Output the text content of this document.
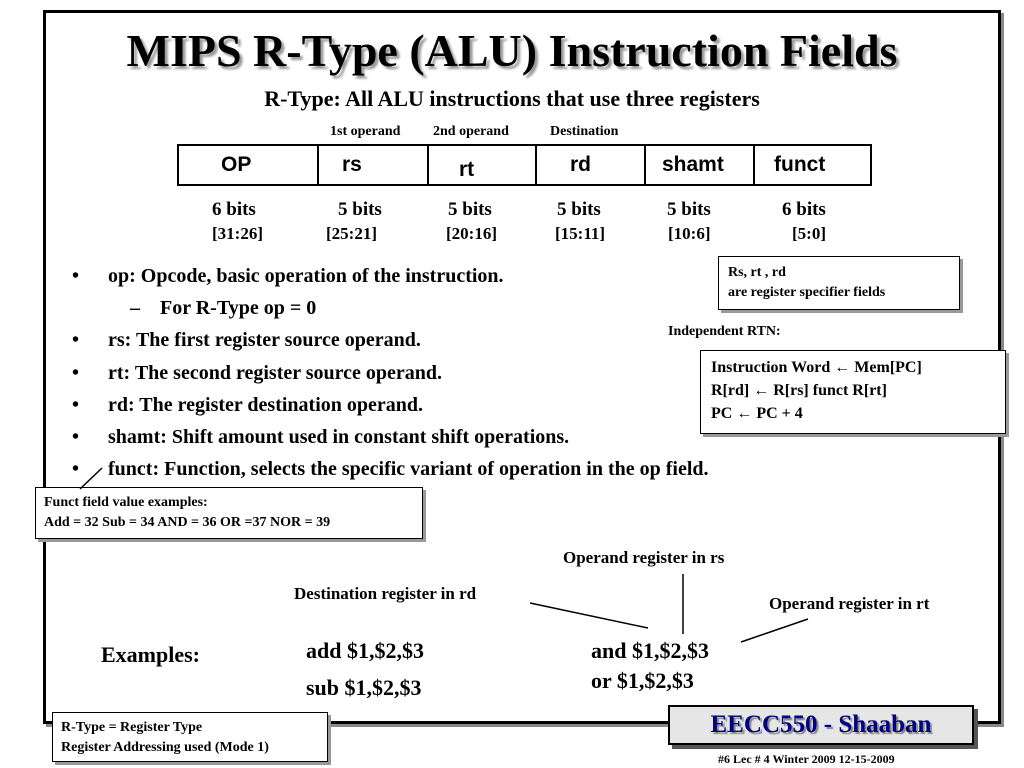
MIPS R-Type (ALU) Instruction Fields
R-Type: All ALU instructions that use three registers
1st operand 2nd operand	Destination
OP	rs	rt	rd	shamt funct
6 bits	5 bits	5 bits	5 bits	5 bits	6 bits
[31:26]	[25:21]	[20:16]	[15:11]	[10:6]	[5:0]
• op: Opcode, basic operation of the instruction.
– For R-Type op = 0
• rs: The first register source operand.
• rt: The second register source operand.
• rd: The register destination operand.
• shamt: Shift amount used in constant shift operations.
• funct: Function, selects the specific variant of operation in the op field.
Rs, rt , rd
are register specifier fields
Independent RTN:
Instruction Word ← Mem[PC]
R[rd] ← R[rs] funct R[rt]
PC ← PC + 4
Funct field value examples:
Add = 32 Sub = 34 AND = 36 OR =37 NOR = 39
Operand register in rs
Destination register in rd
Operand register in rt
Examples:	add $1,$2,$3
sub $1,$2,$3
and $1,$2,$3
or $1,$2,$3
R-Type = Register Type
Register Addressing used (Mode 1)
EECC550 - Shaaban
#6 Lec # 4 Winter 2009 12-15-2009
